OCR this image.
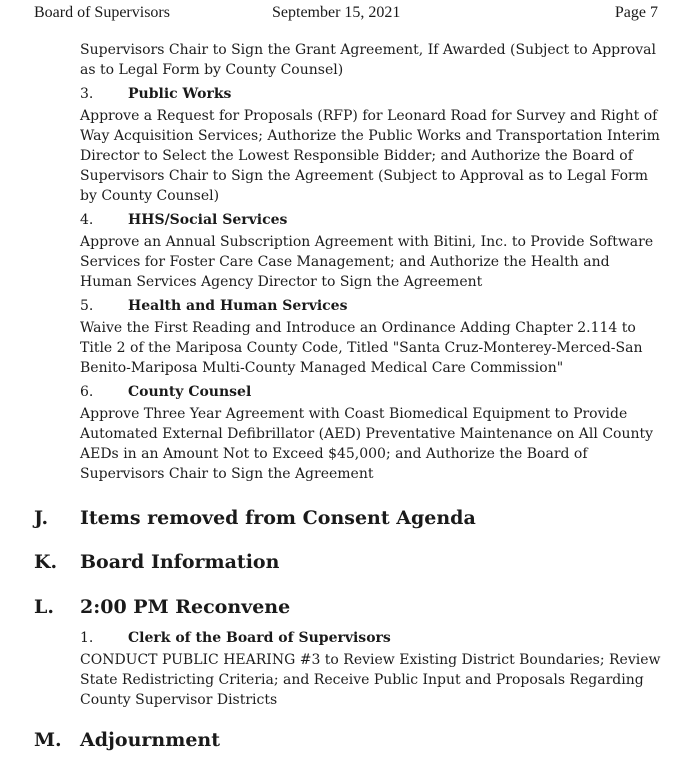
Board of Supervisors	September 15, 2021	Page 7

Supervisors Chair to Sign the Grant Agreement, If Awarded (Subject to Approval as to Legal Form by County Counsel)

3.	Public Works

Approve a Request for Proposals (RFP) for Leonard Road for Survey and Right of Way Acquisition Services; Authorize the Public Works and Transportation Interim Director to Select the Lowest Responsible Bidder; and Authorize the Board of Supervisors Chair to Sign the Agreement (Subject to Approval as to Legal Form by County Counsel)

4.	HHS/Social Services

Approve an Annual Subscription Agreement with Bitini, Inc. to Provide Software Services for Foster Care Case Management; and Authorize the Health and Human Services Agency Director to Sign the Agreement

5.	Health and Human Services

Waive the First Reading and Introduce an Ordinance Adding Chapter 2.114 to Title 2 of the Mariposa County Code, Titled "Santa Cruz-Monterey-Merced-San Benito-Mariposa Multi-County Managed Medical Care Commission"

6.	County Counsel

Approve Three Year Agreement with Coast Biomedical Equipment to Provide Automated External Defibrillator (AED) Preventative Maintenance on All County AEDs in an Amount Not to Exceed $45,000; and Authorize the Board of Supervisors Chair to Sign the Agreement

J.	Items removed from Consent Agenda
K.	Board Information
L.	2:00 PM Reconvene
1.	Clerk of the Board of Supervisors

CONDUCT PUBLIC HEARING #3 to Review Existing District Boundaries; Review State Redistricting Criteria; and Receive Public Input and Proposals Regarding County Supervisor Districts

M. Adjournment
